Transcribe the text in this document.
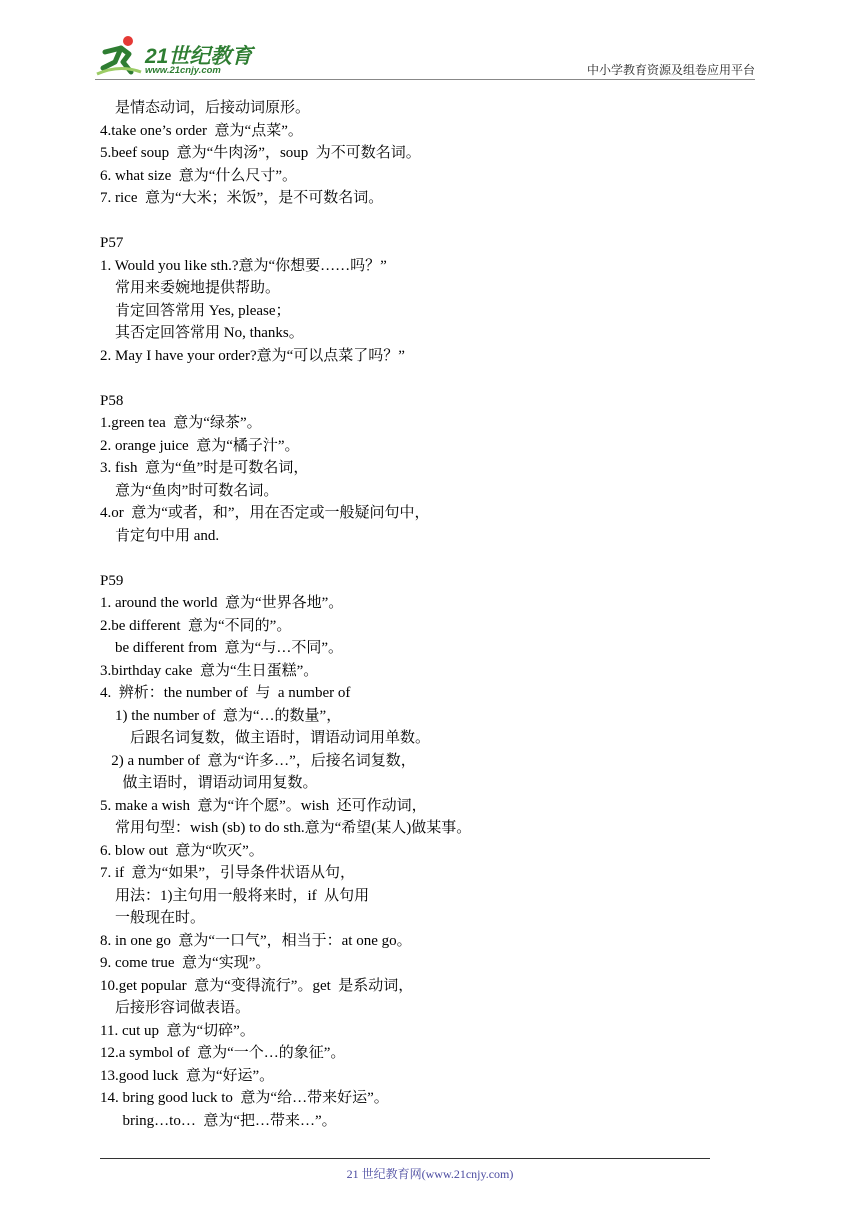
21世纪教育
www.21cnjy.com	中小学教育资源及组卷应用平台
是情态动词，后接动词原形。
4.take one’s order  意为“点菜”。
5.beef soup  意为“牛肉汤”，soup  为不可数名词。
6. what size  意为“什么尺寸”。
7. rice  意为“大米；米饭”，是不可数名词。
P57
1. Would you like sth.?意为“你想要……吗？”
常用来委婉地提供帮助。
肯定回答常用 Yes, please；
其否定回答常用 No, thanks。
2. May I have your order?意为“可以点菜了吗？”
P58
1.green tea  意为“绿茶”。
2. orange juice  意为“橘子汁”。
3. fish  意为“鱼”时是可数名词，
意为“鱼肉”时可数名词。
4.or  意为“或者，和”，用在否定或一般疑问句中，
肯定句中用 and.
P59
1. around the world  意为“世界各地”。
2.be different  意为“不同的”。
be different from  意为“与…不同”。
3.birthday cake  意为“生日蛋糕”。
4.  辨析：the number of  与  a number of
1) the number of  意为“…的数量”，
后跟名词复数，做主语时，谓语动词用单数。
2) a number of  意为“许多…”，后接名词复数，
做主语时，谓语动词用复数。
5. make a wish  意为“许个愿”。wish  还可作动词，
常用句型：wish (sb) to do sth.意为“希望(某人)做某事。
6. blow out  意为“吹灭”。
7. if  意为“如果”，引导条件状语从句，
用法：1)主句用一般将来时，if  从句用
一般现在时。
8. in one go  意为“一口气”，相当于：at one go。
9. come true  意为“实现”。
10.get popular  意为“变得流行”。get  是系动词，
后接形容词做表语。
11. cut up  意为“切碎”。
12.a symbol of  意为“一个…的象征”。
13.good luck  意为“好运”。
14. bring good luck to  意为“给…带来好运”。
bring…to…  意为“把…带来…”。
21 世纪教育网(www.21cnjy.com)
